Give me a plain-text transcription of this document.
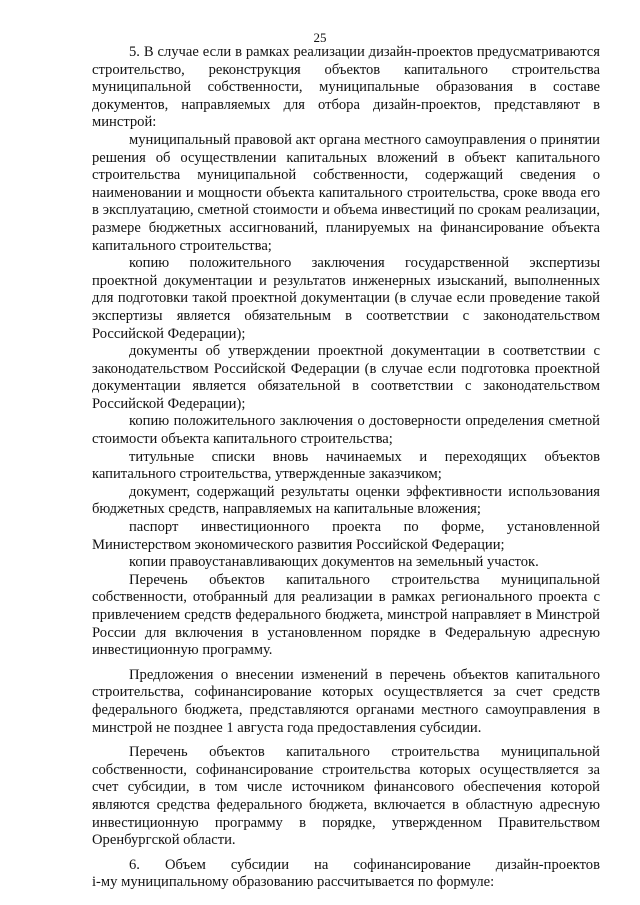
25

5. В случае если в рамках реализации дизайн-проектов предусматриваются строительство, реконструкция объектов капитального строительства муниципальной собственности, муниципальные образования в составе документов, направляемых для отбора дизайн-проектов, представляют в минстрой:

муниципальный правовой акт органа местного самоуправления о принятии решения об осуществлении капитальных вложений в объект капитального строительства муниципальной собственности, содержащий сведения о наименовании и мощности объекта капитального строительства, сроке ввода его в эксплуатацию, сметной стоимости и объема инвестиций по срокам реализации, размере бюджетных ассигнований, планируемых на финансирование объекта капитального строительства;

копию положительного заключения государственной экспертизы проектной документации и результатов инженерных изысканий, выполненных для подготовки такой проектной документации (в случае если проведение такой экспертизы является обязательным в соответствии с законодательством Российской Федерации);

документы об утверждении проектной документации в соответствии с законодательством Российской Федерации (в случае если подготовка проектной документации является обязательной в соответствии с законодательством Российской Федерации);

копию положительного заключения о достоверности определения сметной стоимости объекта капитального строительства;

титульные списки вновь начинаемых и переходящих объектов капитального строительства, утвержденные заказчиком;

документ, содержащий результаты оценки эффективности использования бюджетных средств, направляемых на капитальные вложения;

паспорт инвестиционного проекта по форме, установленной Министерством экономического развития Российской Федерации;

копии правоустанавливающих документов на земельный участок.

Перечень объектов капитального строительства муниципальной собственности, отобранный для реализации в рамках регионального проекта с привлечением средств федерального бюджета, минстрой направляет в Минстрой России для включения в установленном порядке в Федеральную адресную инвестиционную программу.

Предложения о внесении изменений в перечень объектов капитального строительства, софинансирование которых осуществляется за счет средств федерального бюджета, представляются органами местного самоуправления в минстрой не позднее 1 августа года предоставления субсидии.

Перечень объектов капитального строительства муниципальной собственности, софинансирование строительства которых осуществляется за счет субсидии, в том числе источником финансового обеспечения которой являются средства федерального бюджета, включается в областную адресную инвестиционную программу в порядке, утвержденном Правительством Оренбургской области.

6. Объем субсидии на софинансирование дизайн-проектов

i-му муниципальному образованию рассчитывается по формуле:
